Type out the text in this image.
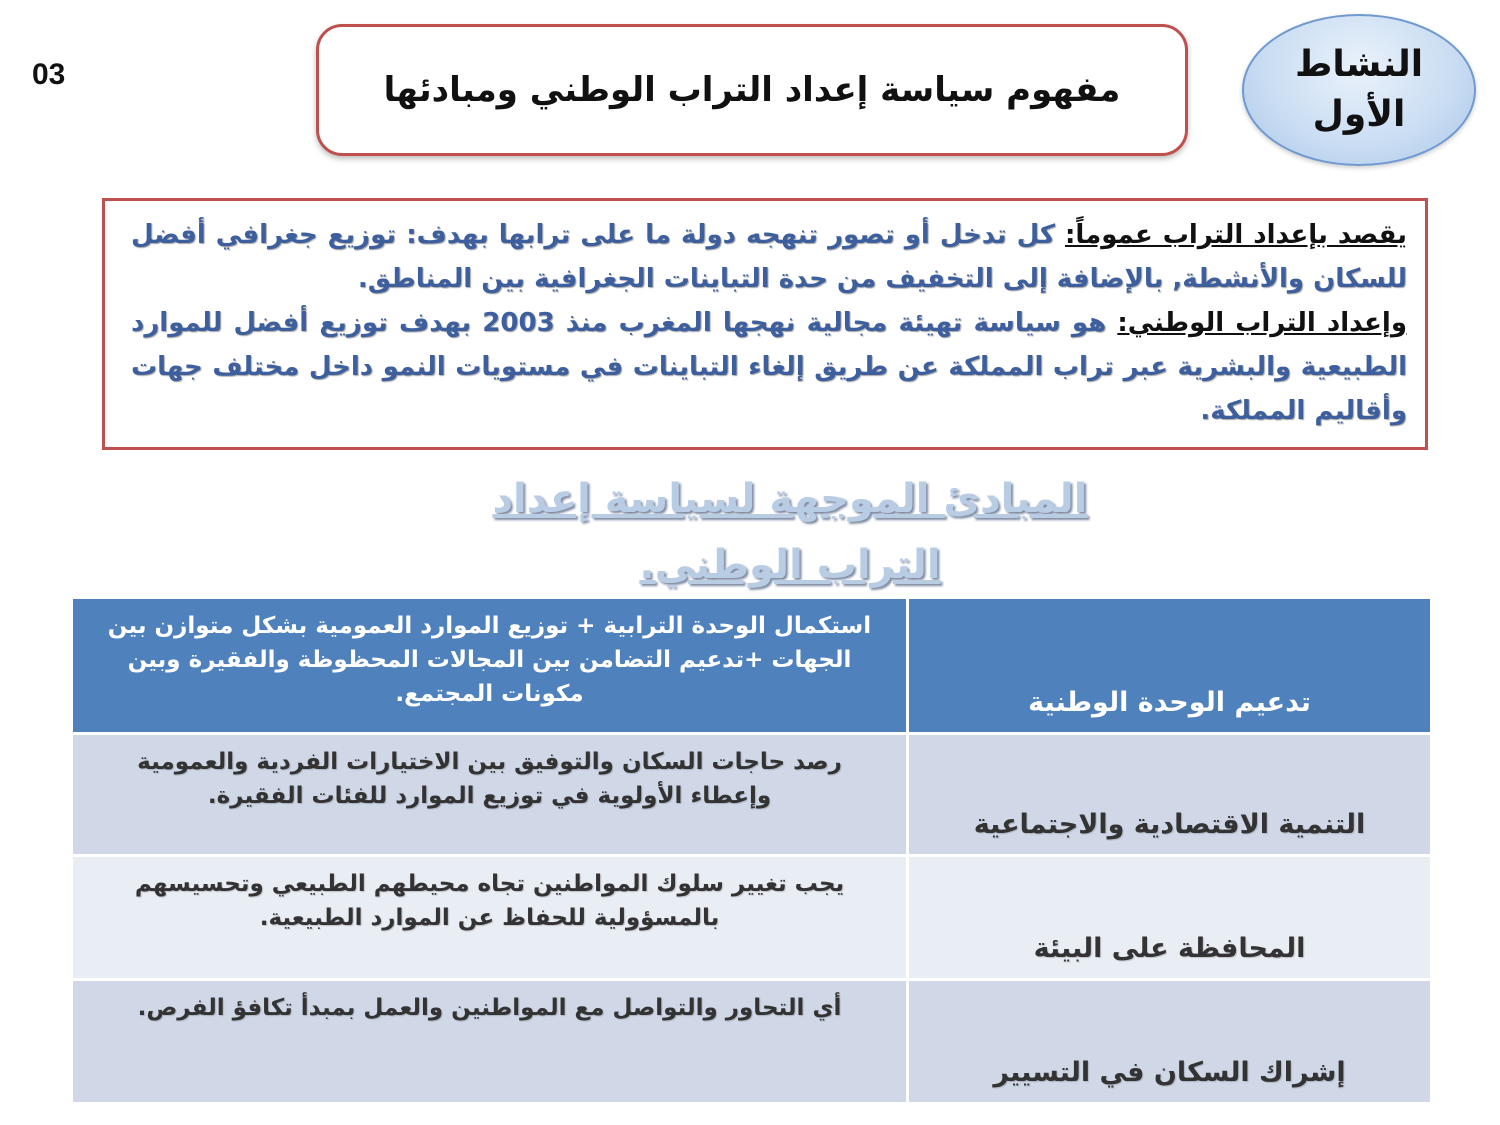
03	مفهوم سياسة إعداد التراب الوطني ومبادئها
النشاط
الأول

يقصد بإعداد التراب عموماً: كل تدخل أو تصور تنهجه دولة ما على ترابها بهدف: توزيع جغرافي أفضل للسكان والأنشطة, بالإضافة إلى التخفيف من حدة التباينات الجغرافية بين المناطق.

وإعداد التراب الوطني: هو سياسة تهيئة مجالية نهجها المغرب منذ 2003 بهدف توزيع أفضل للموارد الطبيعية والبشرية عبر تراب المملكة عن طريق إلغاء التباينات في مستويات النمو داخل مختلف جهات وأقاليم المملكة.

المبادئ الموجهة لسياسة إعداد التراب الوطني.
تدعيم الوحدة الوطنية	استكمال الوحدة الترابية + توزيع الموارد العمومية بشكل متوازن بين الجهات +تدعيم التضامن بين المجالات المحظوظة والفقيرة وبين مكونات المجتمع.
التنمية الاقتصادية والاجتماعية	رصد حاجات السكان والتوفيق بين الاختيارات الفردية والعمومية وإعطاء الأولوية في توزيع الموارد للفئات الفقيرة.
المحافظة على البيئة	يجب تغيير سلوك المواطنين تجاه محيطهم الطبيعي وتحسيسهم بالمسؤولية للحفاظ عن الموارد الطبيعية.
إشراك السكان في التسيير	أي التحاور والتواصل مع المواطنين والعمل بمبدأ تكافؤ الفرص.
